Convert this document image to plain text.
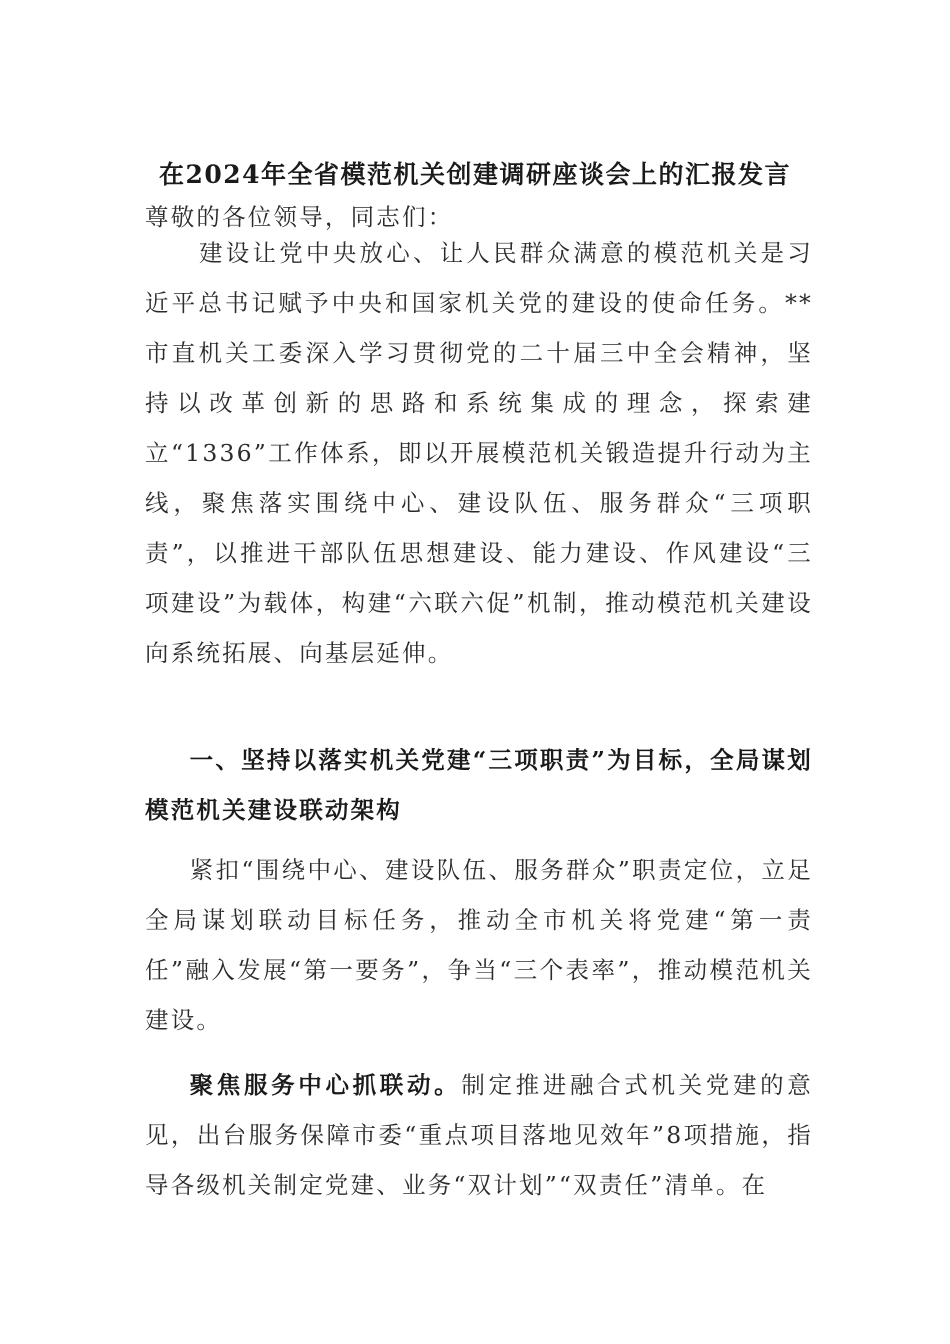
在2024年全省模范机关创建调研座谈会上的汇报发言
尊敬的各位领导，同志们：
建设让党中央放心、让人民群众满意的模范机关是习近平总书记赋予中央和国家机关党的建设的使命任务。**市直机关工委深入学习贯彻党的二十届三中全会精神，坚持以改革创新的思路和系统集成的理念，探索建立“1336”工作体系，即以开展模范机关锻造提升行动为主线，聚焦落实围绕中心、建设队伍、服务群众“三项职责”，以推进干部队伍思想建设、能力建设、作风建设“三项建设”为载体，构建“六联六促”机制，推动模范机关建设向系统拓展、向基层延伸。
一、坚持以落实机关党建“三项职责”为目标，全局谋划模范机关建设联动架构
紧扣“围绕中心、建设队伍、服务群众”职责定位，立足全局谋划联动目标任务，推动全市机关将党建“第一责任”融入发展“第一要务”，争当“三个表率”，推动模范机关建设。
聚焦服务中心抓联动。制定推进融合式机关党建的意见，出台服务保障市委“重点项目落地见效年”8项措施，指导各级机关制定党建、业务“双计划”“双责任”清单。在
